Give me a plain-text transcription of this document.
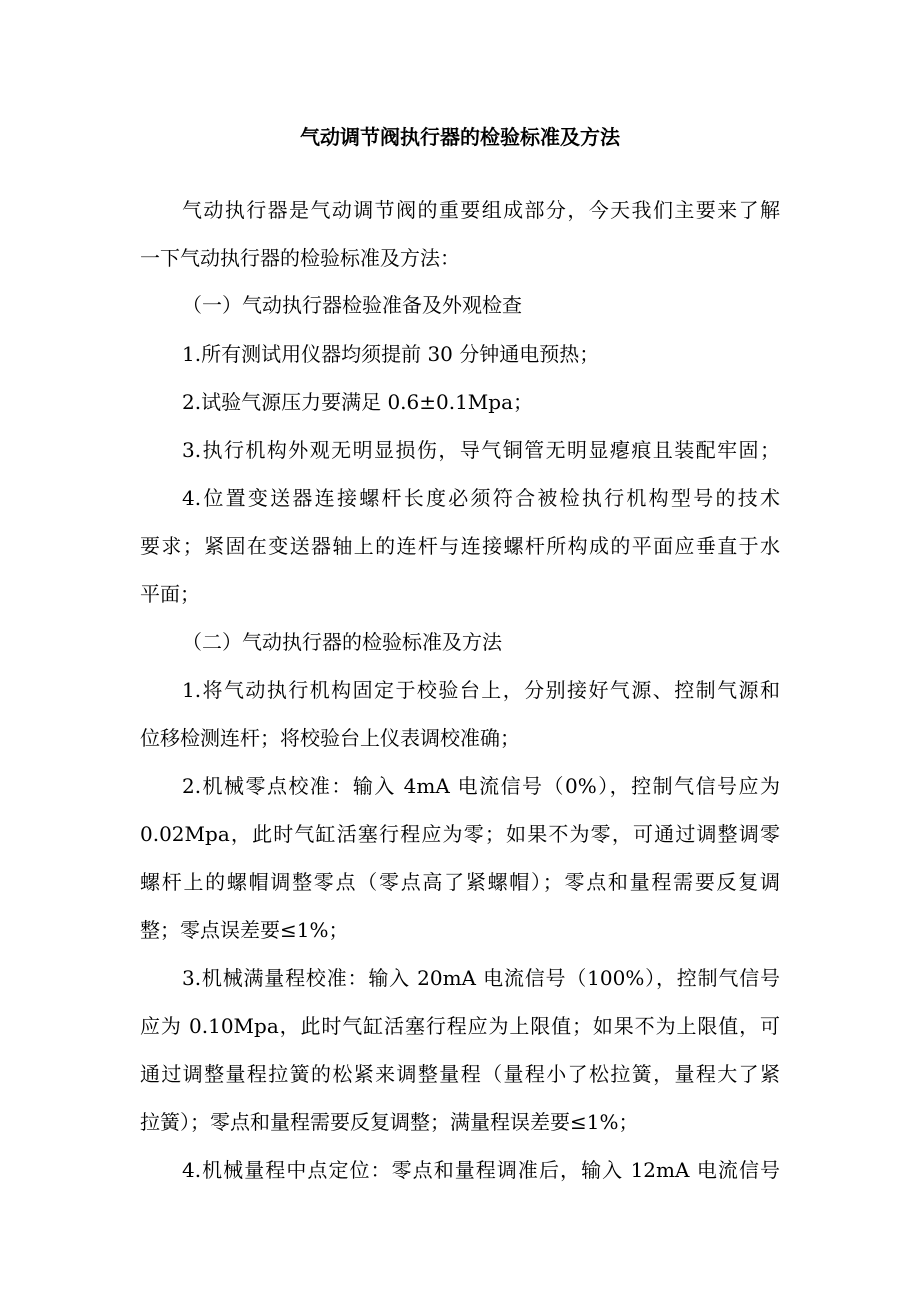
气动调节阀执行器的检验标准及方法
气动执行器是气动调节阀的重要组成部分，今天我们主要来了解
一下气动执行器的检验标准及方法：
（一）气动执行器检验准备及外观检查
1.所有测试用仪器均须提前 30 分钟通电预热；
2.试验气源压力要满足 0.6±0.1Mpa；
3.执行机构外观无明显损伤，导气铜管无明显瘪痕且装配牢固；
4.位置变送器连接螺杆长度必须符合被检执行机构型号的技术
要求；紧固在变送器轴上的连杆与连接螺杆所构成的平面应垂直于水
平面；
（二）气动执行器的检验标准及方法
1.将气动执行机构固定于校验台上，分别接好气源、控制气源和
位移检测连杆；将校验台上仪表调校准确；
2.机械零点校准：输入 4mA 电流信号（0%），控制气信号应为
0.02Mpa，此时气缸活塞行程应为零；如果不为零，可通过调整调零
螺杆上的螺帽调整零点（零点高了紧螺帽）；零点和量程需要反复调
整；零点误差要≤1%；
3.机械满量程校准：输入 20mA 电流信号（100%），控制气信号
应为 0.10Mpa，此时气缸活塞行程应为上限值；如果不为上限值，可
通过调整量程拉簧的松紧来调整量程（量程小了松拉簧，量程大了紧
拉簧）；零点和量程需要反复调整；满量程误差要≤1%；
4.机械量程中点定位：零点和量程调准后，输入 12mA 电流信号
